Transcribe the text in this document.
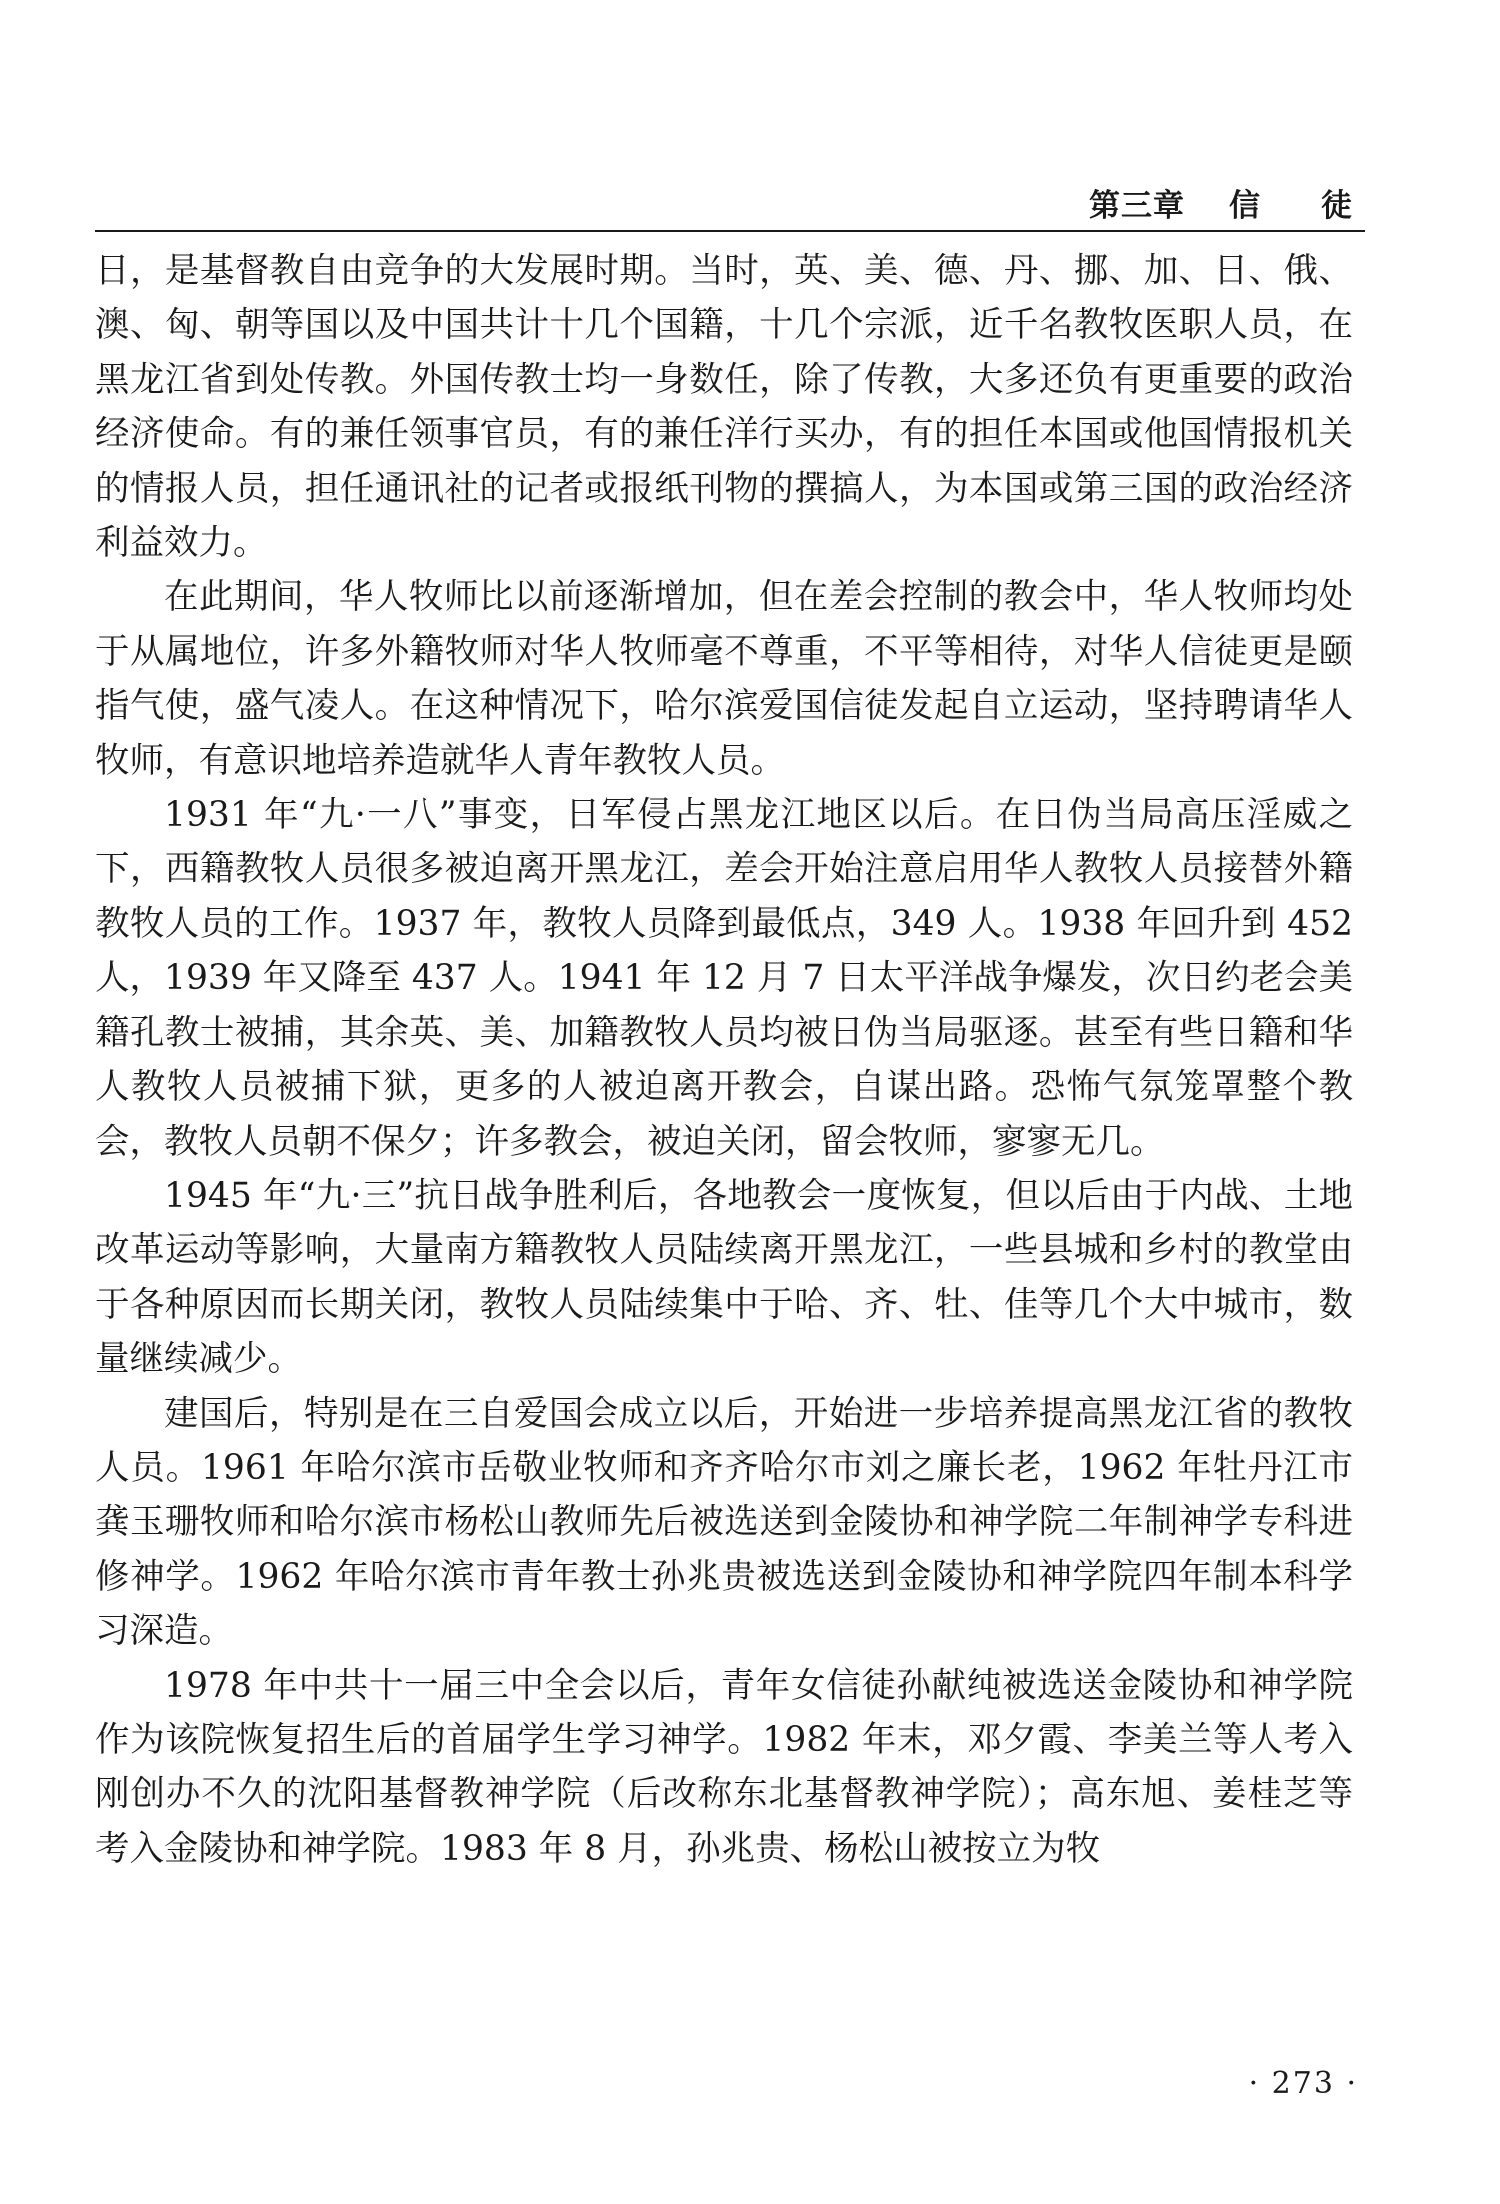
第三章 信 徒

日，是基督教自由竞争的大发展时期。当时，英、美、德、丹、挪、加、日、俄、澳、匈、朝等国以及中国共计十几个国籍，十几个宗派，近千名教牧医职人员，在黑龙江省到处传教。外国传教士均一身数任，除了传教，大多还负有更重要的政治经济使命。有的兼任领事官员，有的兼任洋行买办，有的担任本国或他国情报机关的情报人员，担任通讯社的记者或报纸刊物的撰搞人，为本国或第三国的政治经济利益效力。

在此期间，华人牧师比以前逐渐增加，但在差会控制的教会中，华人牧师均处于从属地位，许多外籍牧师对华人牧师毫不尊重，不平等相待，对华人信徒更是颐指气使，盛气凌人。在这种情况下，哈尔滨爱国信徒发起自立运动，坚持聘请华人牧师，有意识地培养造就华人青年教牧人员。

1931 年“九·一八”事变，日军侵占黑龙江地区以后。在日伪当局高压淫威之下，西籍教牧人员很多被迫离开黑龙江，差会开始注意启用华人教牧人员接替外籍教牧人员的工作。1937 年，教牧人员降到最低点，349 人。1938 年回升到 452 人，1939 年又降至 437 人。1941 年 12 月 7 日太平洋战争爆发，次日约老会美籍孔教士被捕，其余英、美、加籍教牧人员均被日伪当局驱逐。甚至有些日籍和华人教牧人员被捕下狱，更多的人被迫离开教会，自谋出路。恐怖气氛笼罩整个教会，教牧人员朝不保夕；许多教会，被迫关闭，留会牧师，寥寥无几。

1945 年“九·三”抗日战争胜利后，各地教会一度恢复，但以后由于内战、土地改革运动等影响，大量南方籍教牧人员陆续离开黑龙江，一些县城和乡村的教堂由于各种原因而长期关闭，教牧人员陆续集中于哈、齐、牡、佳等几个大中城市，数量继续减少。

建国后，特别是在三自爱国会成立以后，开始进一步培养提高黑龙江省的教牧人员。1961 年哈尔滨市岳敬业牧师和齐齐哈尔市刘之廉长老，1962 年牡丹江市龚玉珊牧师和哈尔滨市杨松山教师先后被选送到金陵协和神学院二年制神学专科进修神学。1962 年哈尔滨市青年教士孙兆贵被选送到金陵协和神学院四年制本科学习深造。

1978 年中共十一届三中全会以后，青年女信徒孙献纯被选送金陵协和神学院作为该院恢复招生后的首届学生学习神学。1982 年末，邓夕霞、李美兰等人考入刚创办不久的沈阳基督教神学院（后改称东北基督教神学院）；高东旭、姜桂芝等考入金陵协和神学院。1983 年 8 月，孙兆贵、杨松山被按立为牧

· 273 ·
